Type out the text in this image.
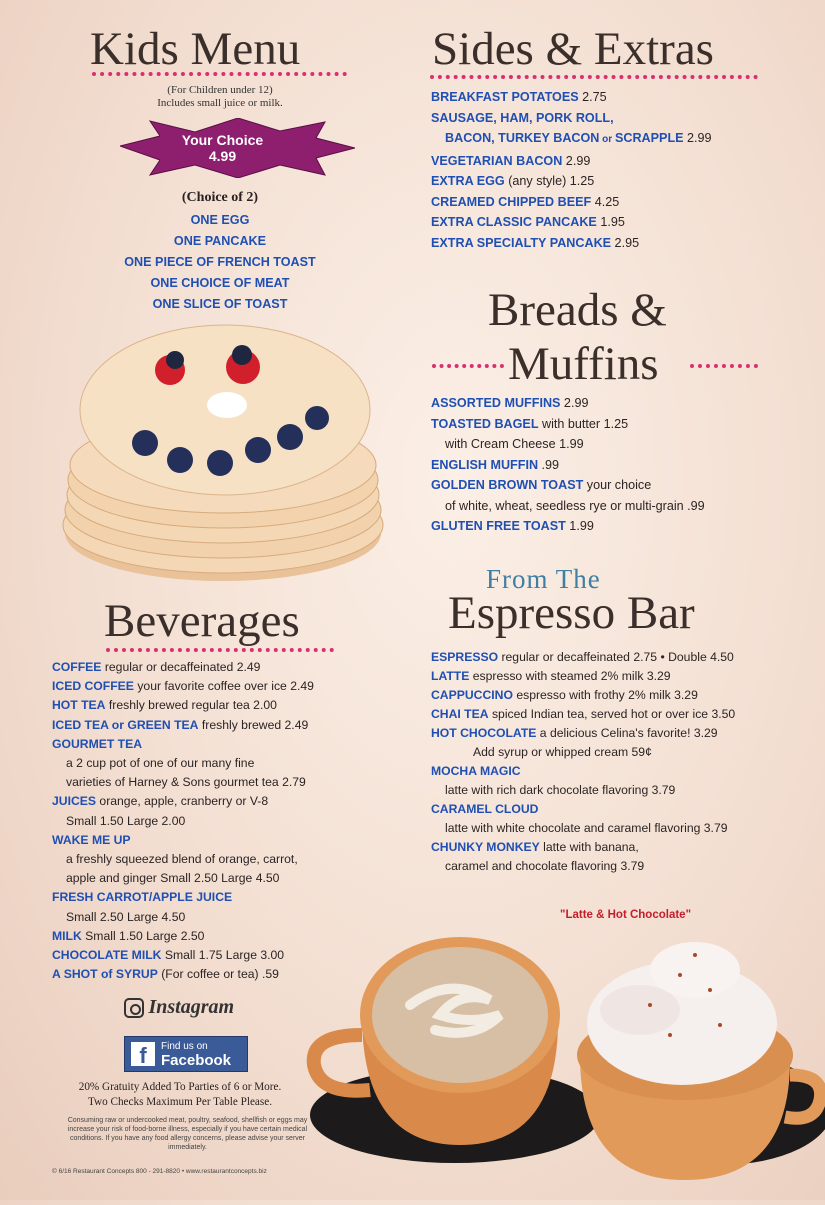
Kids Menu
(For Children under 12)
Includes small juice or milk.
Your Choice
4.99
(Choice of 2)
ONE EGG
ONE PANCAKE
ONE PIECE OF FRENCH TOAST
ONE CHOICE OF MEAT
ONE SLICE OF TOAST
Sides & Extras
BREAKFAST POTATOES 2.75
SAUSAGE, HAM, PORK ROLL,
BACON, TURKEY BACON or SCRAPPLE 2.99
VEGETARIAN BACON 2.99
EXTRA EGG (any style) 1.25
CREAMED CHIPPED BEEF 4.25
EXTRA CLASSIC PANCAKE 1.95
EXTRA SPECIALTY PANCAKE 2.95
Breads &
Muffins
ASSORTED MUFFINS 2.99
TOASTED BAGEL with butter 1.25
with Cream Cheese 1.99
ENGLISH MUFFIN .99
GOLDEN BROWN TOAST your choice
of white, wheat, seedless rye or multi-grain .99
GLUTEN FREE TOAST 1.99
From The
Espresso Bar
ESPRESSO regular or decaffeinated 2.75 • Double 4.50
LATTE espresso with steamed 2% milk 3.29
CAPPUCCINO espresso with frothy 2% milk 3.29
CHAI TEA spiced Indian tea, served hot or over ice 3.50
HOT CHOCOLATE a delicious Celina's favorite! 3.29
Add syrup or whipped cream 59¢
MOCHA MAGIC
latte with rich dark chocolate flavoring 3.79
CARAMEL CLOUD
latte with white chocolate and caramel flavoring 3.79
CHUNKY MONKEY latte with banana,
caramel and chocolate flavoring 3.79
"Latte & Hot Chocolate"
Beverages
COFFEE regular or decaffeinated 2.49
ICED COFFEE your favorite coffee over ice 2.49
HOT TEA freshly brewed regular tea 2.00
ICED TEA or GREEN TEA freshly brewed 2.49
GOURMET TEA
a 2 cup pot of one of our many fine
varieties of Harney & Sons gourmet tea 2.79
JUICES orange, apple, cranberry or V-8
Small 1.50 Large 2.00
WAKE ME UP
a freshly squeezed blend of orange, carrot,
apple and ginger Small 2.50 Large 4.50
FRESH CARROT/APPLE JUICE
Small 2.50 Large 4.50
MILK Small 1.50 Large 2.50
CHOCOLATE MILK Small 1.75 Large 3.00
A SHOT of SYRUP (For coffee or tea) .59
Instagram
f	Find us on
Facebook
20% Gratuity Added To Parties of 6 or More.
Two Checks Maximum Per Table Please.
Consuming raw or undercooked meat, poultry, seafood, shellfish or eggs may increase your risk of food-borne illness, especially if you have certain medical conditions. If you have any food allergy concerns, please advise your server immediately.
© 6/16 Restaurant Concepts 800 - 291-8820 • www.restaurantconcepts.biz
